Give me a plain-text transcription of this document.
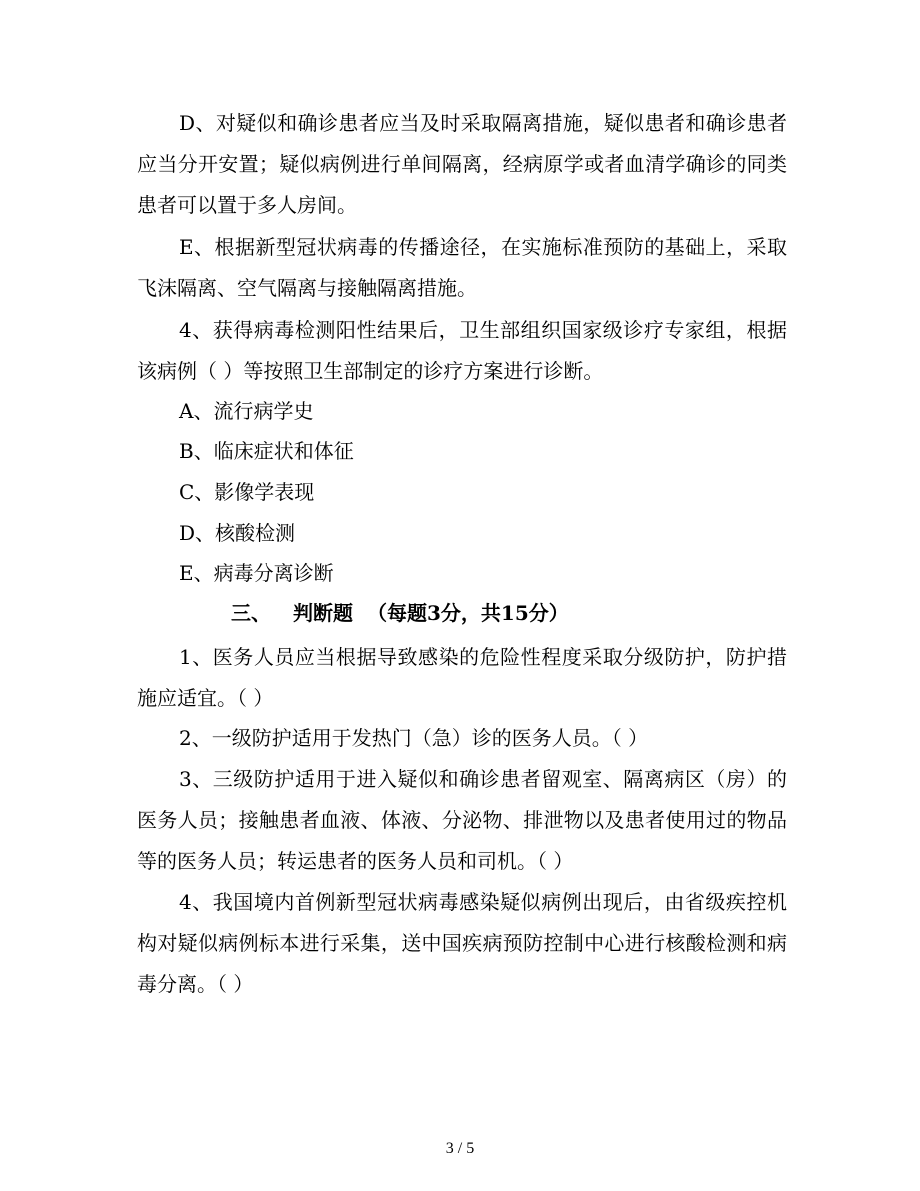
D、对疑似和确诊患者应当及时采取隔离措施，疑似患者和确诊患者应当分开安置；疑似病例进行单间隔离，经病原学或者血清学确诊的同类患者可以置于多人房间。

E、根据新型冠状病毒的传播途径，在实施标准预防的基础上，采取飞沫隔离、空气隔离与接触隔离措施。

4、获得病毒检测阳性结果后，卫生部组织国家级诊疗专家组，根据该病例（ ）等按照卫生部制定的诊疗方案进行诊断。

A、流行病学史

B、临床症状和体征

C、影像学表现

D、核酸检测

E、病毒分离诊断

三、 判断题 （每题3分，共15分）

1、医务人员应当根据导致感染的危险性程度采取分级防护，防护措施应适宜。（ ）

2、一级防护适用于发热门（急）诊的医务人员。（ ）

3、三级防护适用于进入疑似和确诊患者留观室、隔离病区（房）的医务人员；接触患者血液、体液、分泌物、排泄物以及患者使用过的物品等的医务人员；转运患者的医务人员和司机。（ ）

4、我国境内首例新型冠状病毒感染疑似病例出现后，由省级疾控机构对疑似病例标本进行采集，送中国疾病预防控制中心进行核酸检测和病毒分离。（ ）

3 / 5
